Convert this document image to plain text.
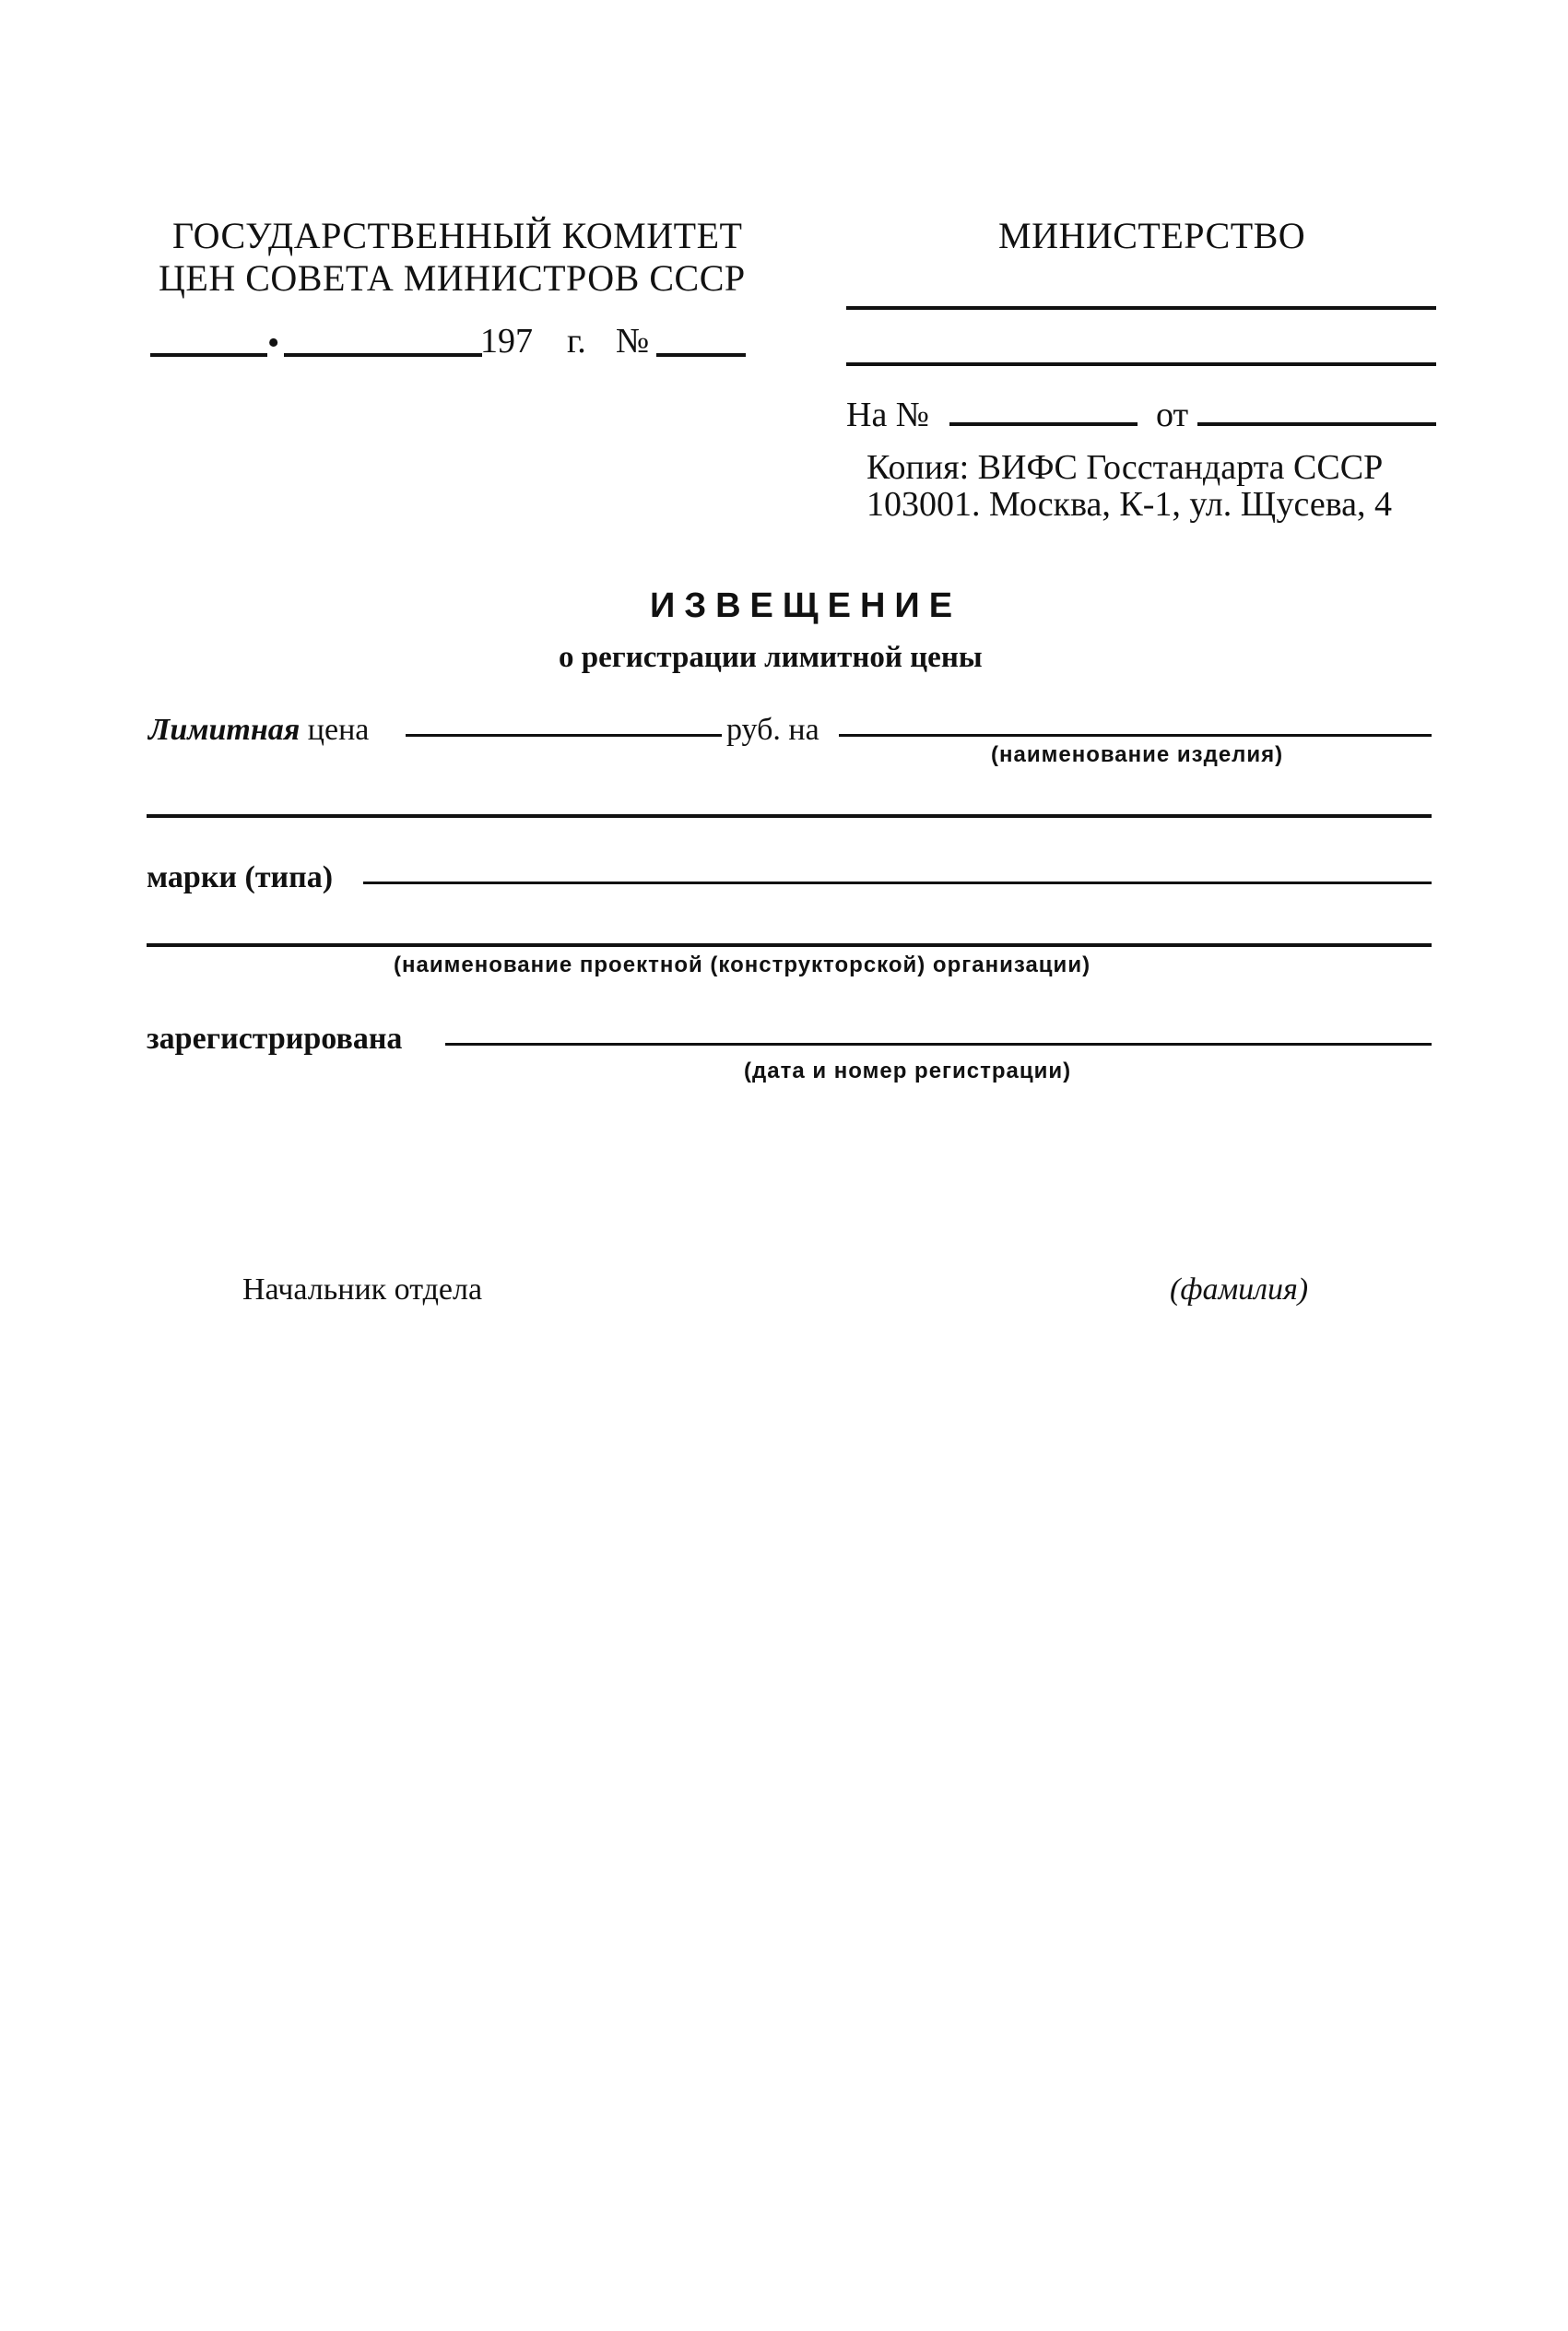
ГОСУДАРСТВЕННЫЙ КОМИТЕТ
ЦЕН СОВЕТА МИНИСТРОВ СССР
•	197 г. №
МИНИСТЕРСТВО
На №	от
Копия: ВИФС Госстандарта СССР
103001. Москва, К-1, ул. Щусева, 4
ИЗВЕЩЕНИЕ
о регистрации лимитной цены
Лимитная цена	руб. на
(наименование изделия)
марки (типа)
(наименование проектной (конструкторской) организации)
зарегистрирована
(дата и номер регистрации)
Начальник отдела	(фамилия)
